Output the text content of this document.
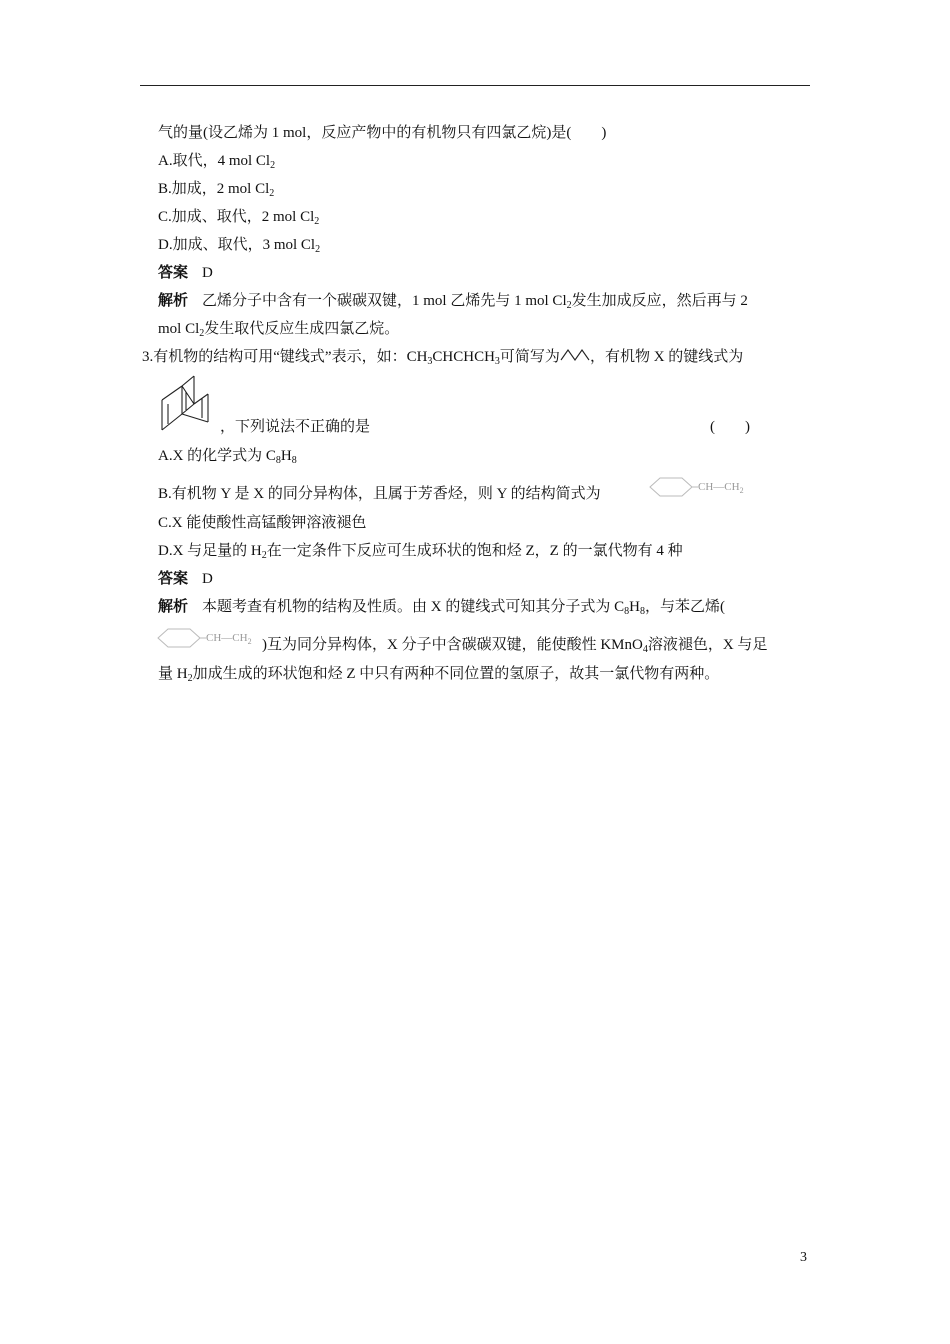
气的量(设乙烯为 1 mol，反应产物中的有机物只有四氯乙烷)是(　　)
A.取代，4 mol $Cl_2$
B.加成，2 mol $Cl_2$
C.加成、取代，2 mol $Cl_2$
D.加成、取代，3 mol $Cl_2$
答案 D
解析 乙烯分子中含有一个碳碳双键，1 mol 乙烯先与 1 mol $Cl_2$发生加成反应，然后再与 2
mol $Cl_2$发生取代反应生成四氯乙烷。
3.有机物的结构可用“键线式”表示，如：$CH_3CHCHCH_3$可简写为 ，有机物 X 的键线式为
，下列说法不正确的是	(　　)
A.X 的化学式为 $C_8H_8$
B.有机物 Y 是 X 的同分异构体，且属于芳香烃，则 Y 的结构简式为	$CH—CH_2$
C.X 能使酸性高锰酸钾溶液褪色
D.X 与足量的 $H_2$在一定条件下反应可生成环状的饱和烃 Z，Z 的一氯代物有 4 种
答案 D
解析 本题考查有机物的结构及性质。由 X 的键线式可知其分子式为 $C_8H_8$，与苯乙烯(
$CH—CH_2$ )互为同分异构体，X 分子中含碳碳双键，能使酸性 KMnO$_4$溶液褪色，X 与足
量 $H_2$加成生成的环状饱和烃 Z 中只有两种不同位置的氢原子，故其一氯代物有两种。
3
